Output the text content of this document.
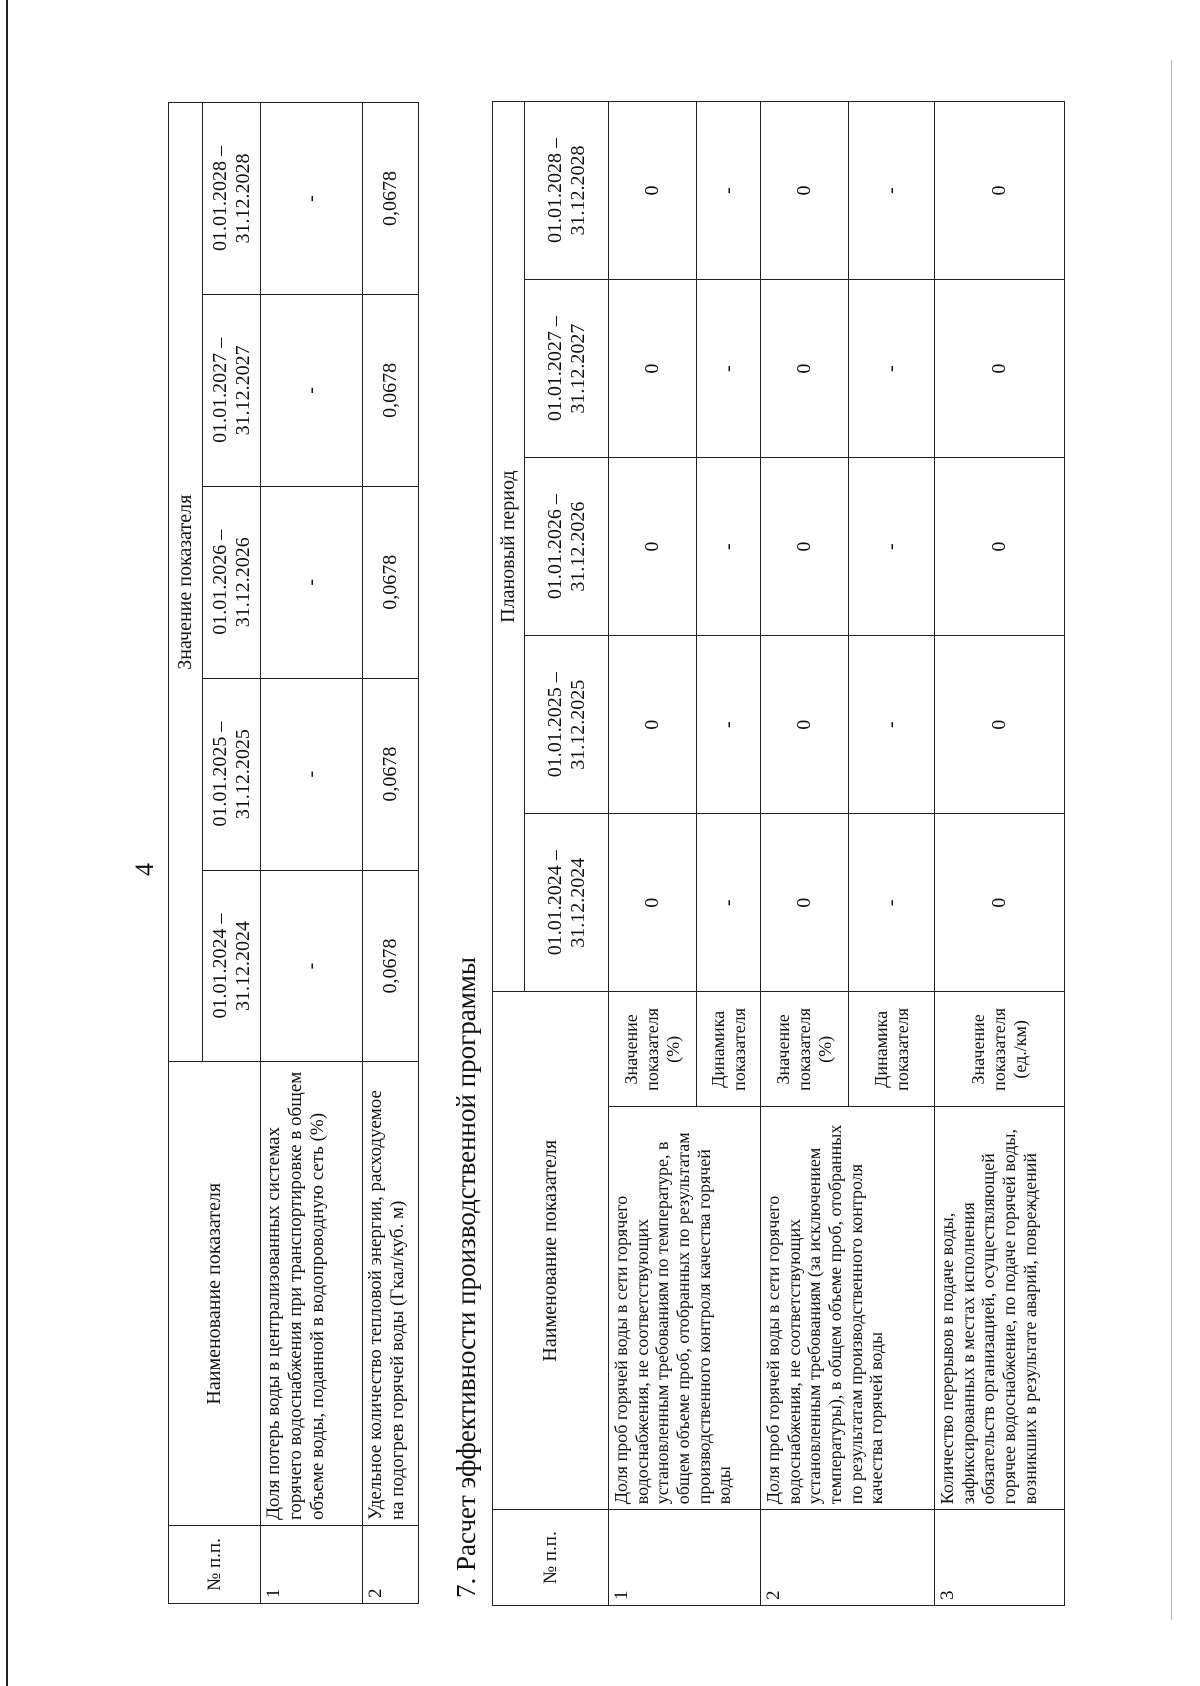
4
№ п.п.	Наименование показателя	Значение показателя				
		01.01.2024 – 31.12.2024	01.01.2025 – 31.12.2025	01.01.2026 – 31.12.2026	01.01.2027 – 31.12.2027	01.01.2028 – 31.12.2028
1	Доля потерь воды в централизованных системах горячего водоснабжения при транспортировке в общем объеме воды, поданной в водопроводную сеть (%)	-	-	-	-	-
2	Удельное количество тепловой энергии, расходуемое на подогрев горячей воды (Гкал/куб. м)	0,0678	0,0678	0,0678	0,0678	0,0678
7. Расчет эффективности производственной программы	№ п.п.	Наименование показателя		Плановый период				
			01.01.2024 – 31.12.2024	01.01.2025 – 31.12.2025	01.01.2026 – 31.12.2026	01.01.2027 – 31.12.2027	01.01.2028 – 31.12.2028
1	Доля проб горячей воды в сети горячего водоснабжения, не соответствующих установленным требованиям по температуре, в общем объеме проб, отобранных по результатам производственного контроля качества горячей воды	Значение показателя (%)	0	0	0	0	0
		Динамика показателя	-	-	-	-	-
2	Доля проб горячей воды в сети горячего водоснабжения, не соответствующих установленным требованиям (за исключением температуры), в общем объеме проб, отобранных по результатам производственного контроля качества горячей воды	Значение показателя (%)	0	0	0	0	0
		Динамика показателя	-	-	-	-	-
3	Количество перерывов в подаче воды, зафиксированных в местах исполнения обязательств организацией, осуществляющей горячее водоснабжение, по подаче горячей воды, возникших в результате аварий, повреждений	Значение показателя (ед./км)	0	0	0	0	0
